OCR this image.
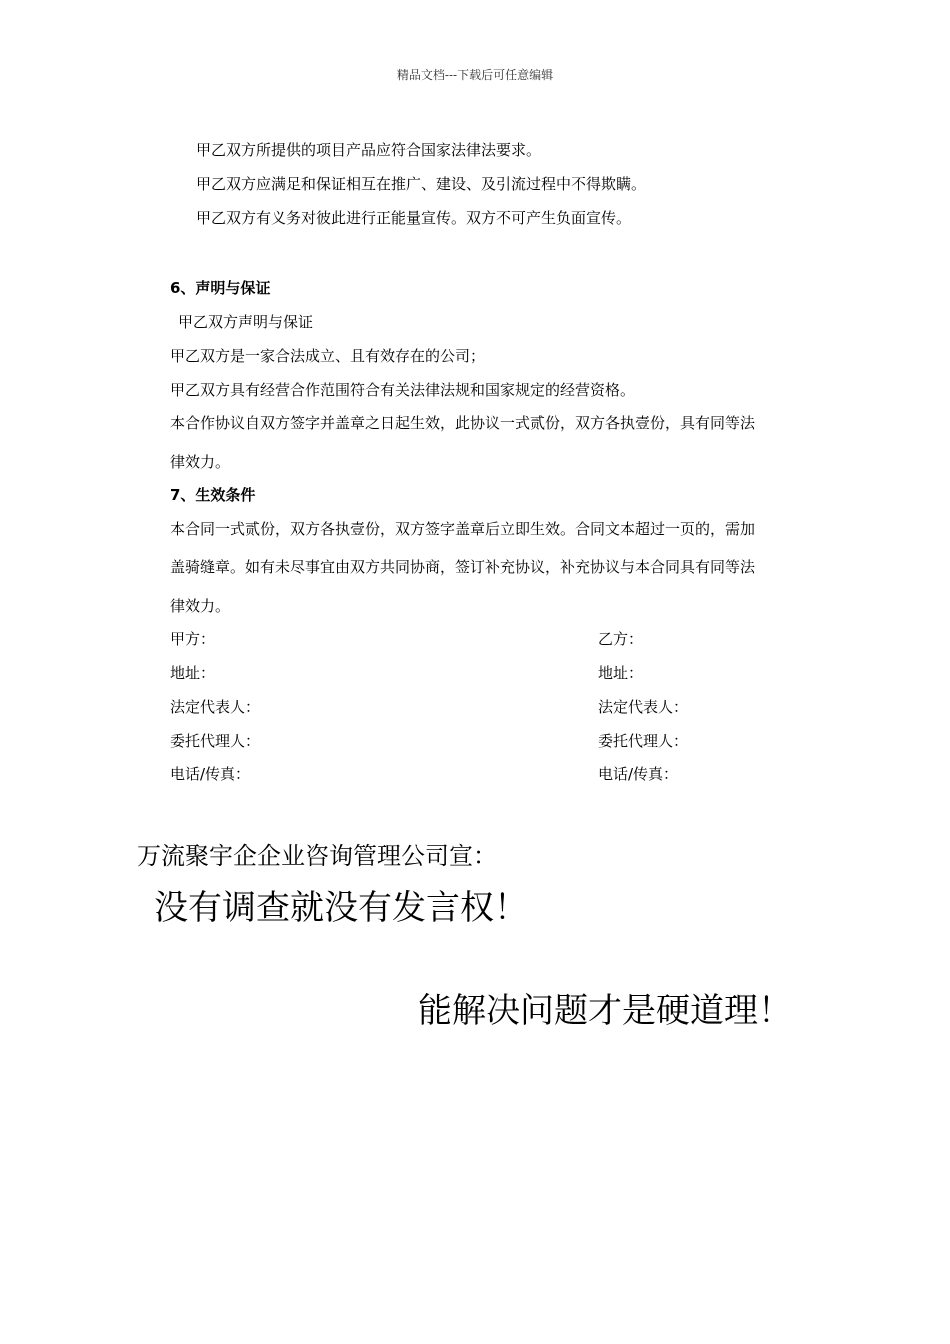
精品文档---下载后可任意编辑
甲乙双方所提供的项目产品应符合国家法律法要求。
甲乙双方应满足和保证相互在推广、建设、及引流过程中不得欺瞒。
甲乙双方有义务对彼此进行正能量宣传。双方不可产生负面宣传。
6、声明与保证
甲乙双方声明与保证
甲乙双方是一家合法成立、且有效存在的公司；
甲乙双方具有经营合作范围符合有关法律法规和国家规定的经营资格。
本合作协议自双方签字并盖章之日起生效，此协议一式贰份，双方各执壹份，具有同等法
律效力。
7、生效条件
本合同一式贰份，双方各执壹份，双方签字盖章后立即生效。合同文本超过一页的，需加
盖骑缝章。如有未尽事宜由双方共同协商，签订补充协议，补充协议与本合同具有同等法
律效力。
甲方：
地址：
法定代表人：
委托代理人：
电话/传真：
乙方：
地址：
法定代表人：
委托代理人：
电话/传真：
万流聚宇企企业咨询管理公司宣：
没有调查就没有发言权！
能解决问题才是硬道理！
